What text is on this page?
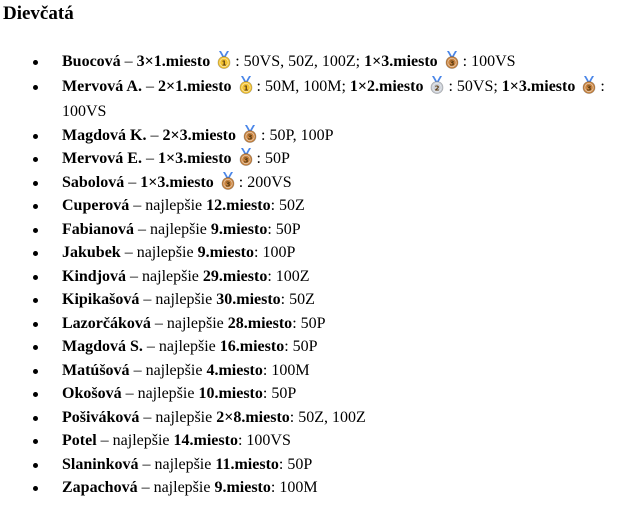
Dievčatá
Buocová – 3×1.miesto 1 : 50VS, 50Z, 100Z; 1×3.miesto 3 : 100VS
Mervová A. – 2×1.miesto 1 : 50M, 100M; 1×2.miesto 2 : 50VS; 1×3.miesto 3 : 100VS
Magdová K. – 2×3.miesto 3 : 50P, 100P
Mervová E. – 1×3.miesto 3 : 50P
Sabolová – 1×3.miesto 3 : 200VS
Cuperová – najlepšie 12.miesto: 50Z
Fabianová – najlepšie 9.miesto: 50P
Jakubek – najlepšie 9.miesto: 100P
Kindjová – najlepšie 29.miesto: 100Z
Kipikašová – najlepšie 30.miesto: 50Z
Lazorčáková – najlepšie 28.miesto: 50P
Magdová S. – najlepšie 16.miesto: 50P
Matúšová – najlepšie 4.miesto: 100M
Okošová – najlepšie 10.miesto: 50P
Pošiváková – najlepšie 2×8.miesto: 50Z, 100Z
Potel – najlepšie 14.miesto: 100VS
Slaninková – najlepšie 11.miesto: 50P
Zapachová – najlepšie 9.miesto: 100M
